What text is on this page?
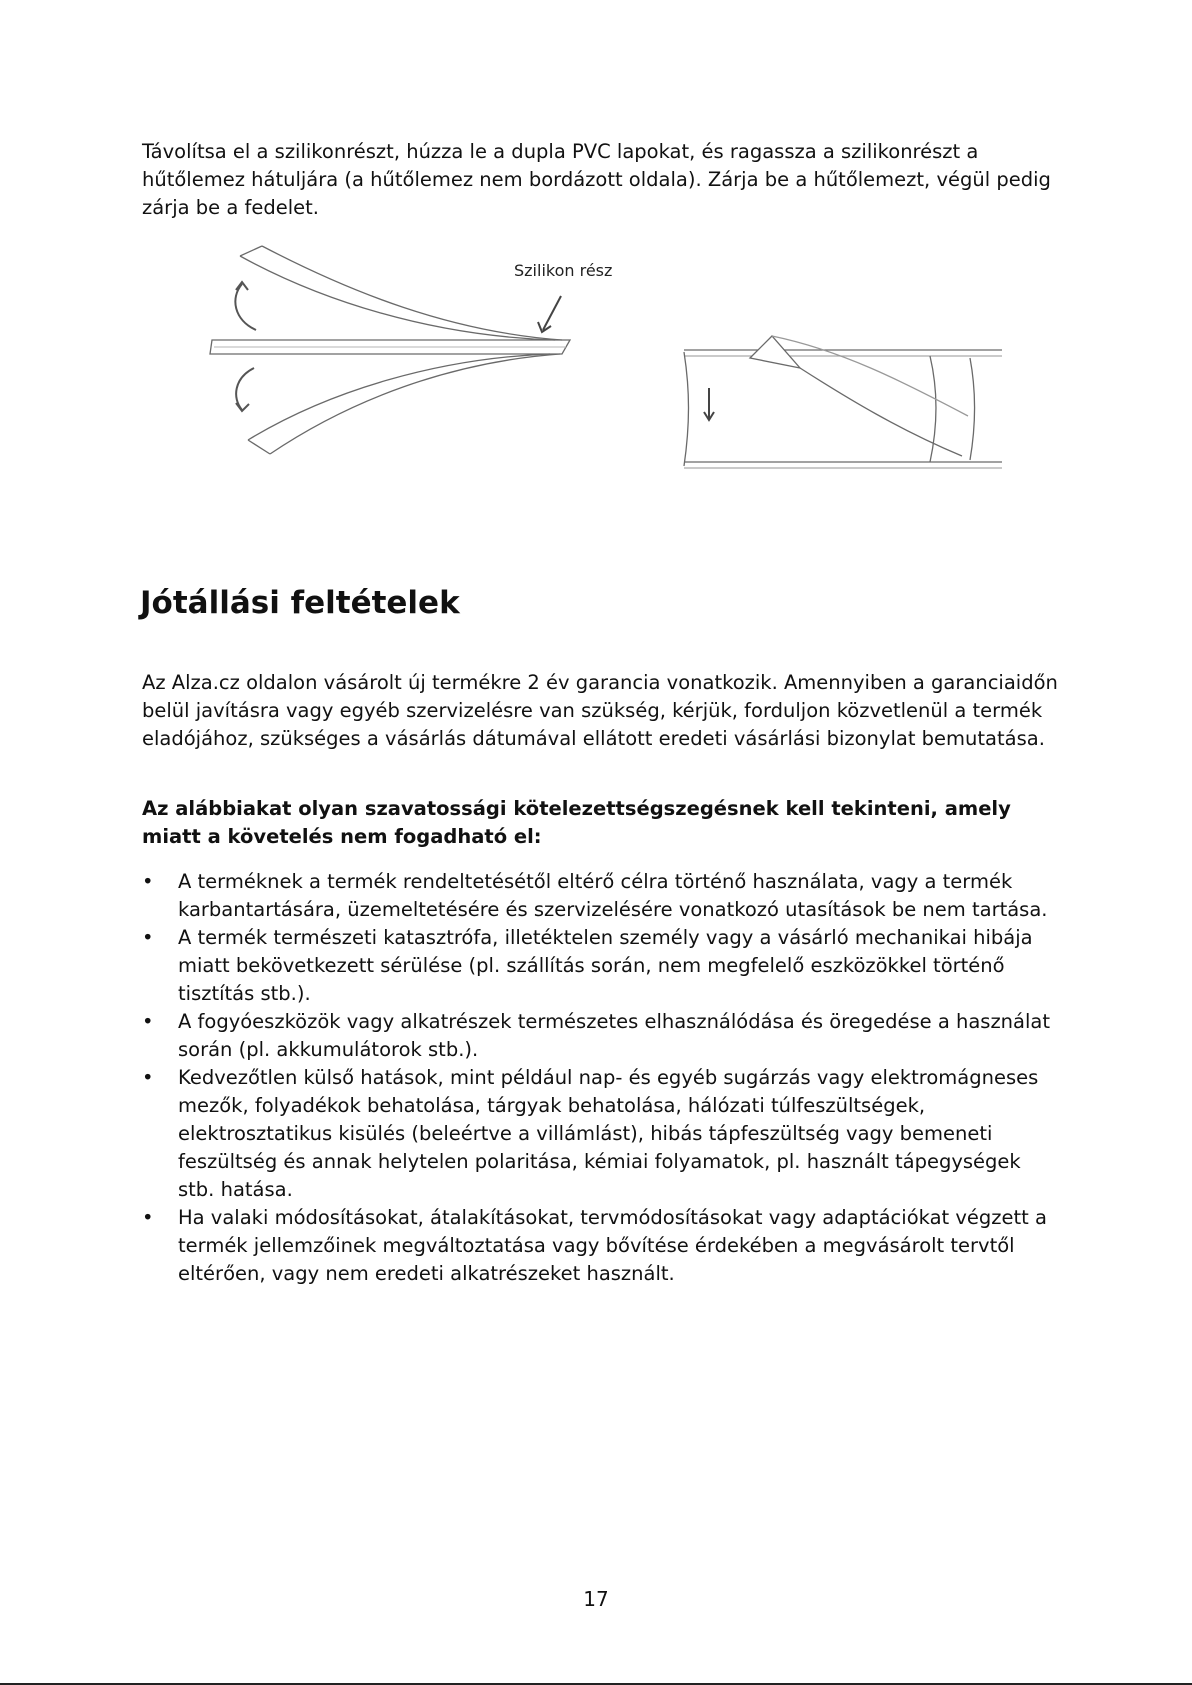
Távolítsa el a szilikonrészt, húzza le a dupla PVC lapokat, és ragassza a szilikonrészt a hűtőlemez hátuljára (a hűtőlemez nem bordázott oldala). Zárja be a hűtőlemezt, végül pedig zárja be a fedelet.

Szilikon rész
Jótállási feltételek

Az Alza.cz oldalon vásárolt új termékre 2 év garancia vonatkozik. Amennyiben a garanciaidőn belül javításra vagy egyéb szervizelésre van szükség, kérjük, forduljon közvetlenül a termék eladójához, szükséges a vásárlás dátumával ellátott eredeti vásárlási bizonylat bemutatása.

Az alábbiakat olyan szavatossági kötelezettségszegésnek kell tekinteni, amely miatt a követelés nem fogadható el:

• A terméknek a termék rendeltetésétől eltérő célra történő használata, vagy a termék karbantartására, üzemeltetésére és szervizelésére vonatkozó utasítások be nem tartása.
• A termék természeti katasztrófa, illetéktelen személy vagy a vásárló mechanikai hibája miatt bekövetkezett sérülése (pl. szállítás során, nem megfelelő eszközökkel történő tisztítás stb.).
• A fogyóeszközök vagy alkatrészek természetes elhasználódása és öregedése a használat során (pl. akkumulátorok stb.).
• Kedvezőtlen külső hatások, mint például nap- és egyéb sugárzás vagy elektromágneses mezők, folyadékok behatolása, tárgyak behatolása, hálózati túlfeszültségek, elektrosztatikus kisülés (beleértve a villámlást), hibás tápfeszültség vagy bemeneti feszültség és annak helytelen polaritása, kémiai folyamatok, pl. használt tápegységek stb. hatása.
• Ha valaki módosításokat, átalakításokat, tervmódosításokat vagy adaptációkat végzett a termék jellemzőinek megváltoztatása vagy bővítése érdekében a megvásárolt tervtől eltérően, vagy nem eredeti alkatrészeket használt.
17
